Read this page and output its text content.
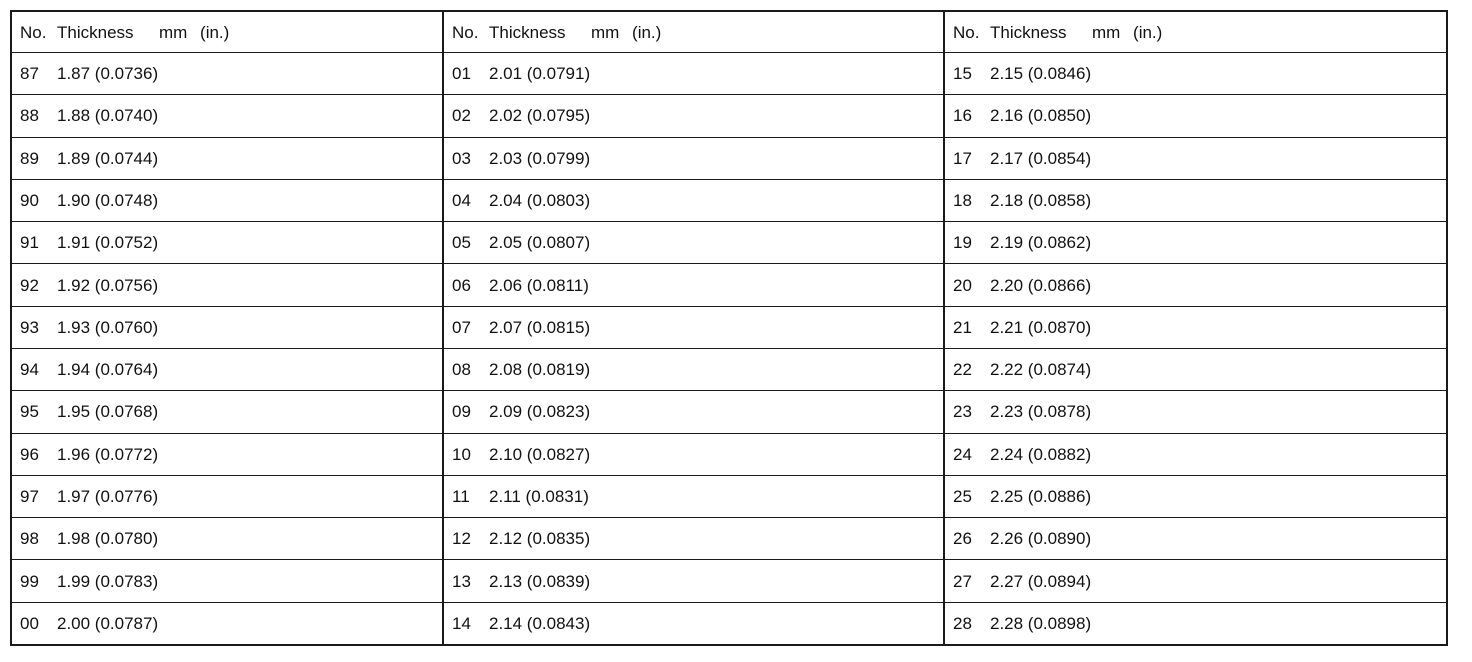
No.	Thickness mm (in.)	No.	Thickness mm (in.)	No.	Thickness mm (in.)
87	1.87 (0.0736)	01	2.01 (0.0791)	15	2.15 (0.0846)
88	1.88 (0.0740)	02	2.02 (0.0795)	16	2.16 (0.0850)
89	1.89 (0.0744)	03	2.03 (0.0799)	17	2.17 (0.0854)
90	1.90 (0.0748)	04	2.04 (0.0803)	18	2.18 (0.0858)
91	1.91 (0.0752)	05	2.05 (0.0807)	19	2.19 (0.0862)
92	1.92 (0.0756)	06	2.06 (0.0811)	20	2.20 (0.0866)
93	1.93 (0.0760)	07	2.07 (0.0815)	21	2.21 (0.0870)
94	1.94 (0.0764)	08	2.08 (0.0819)	22	2.22 (0.0874)
95	1.95 (0.0768)	09	2.09 (0.0823)	23	2.23 (0.0878)
96	1.96 (0.0772)	10	2.10 (0.0827)	24	2.24 (0.0882)
97	1.97 (0.0776)	11	2.11 (0.0831)	25	2.25 (0.0886)
98	1.98 (0.0780)	12	2.12 (0.0835)	26	2.26 (0.0890)
99	1.99 (0.0783)	13	2.13 (0.0839)	27	2.27 (0.0894)
00	2.00 (0.0787)	14	2.14 (0.0843)	28	2.28 (0.0898)
